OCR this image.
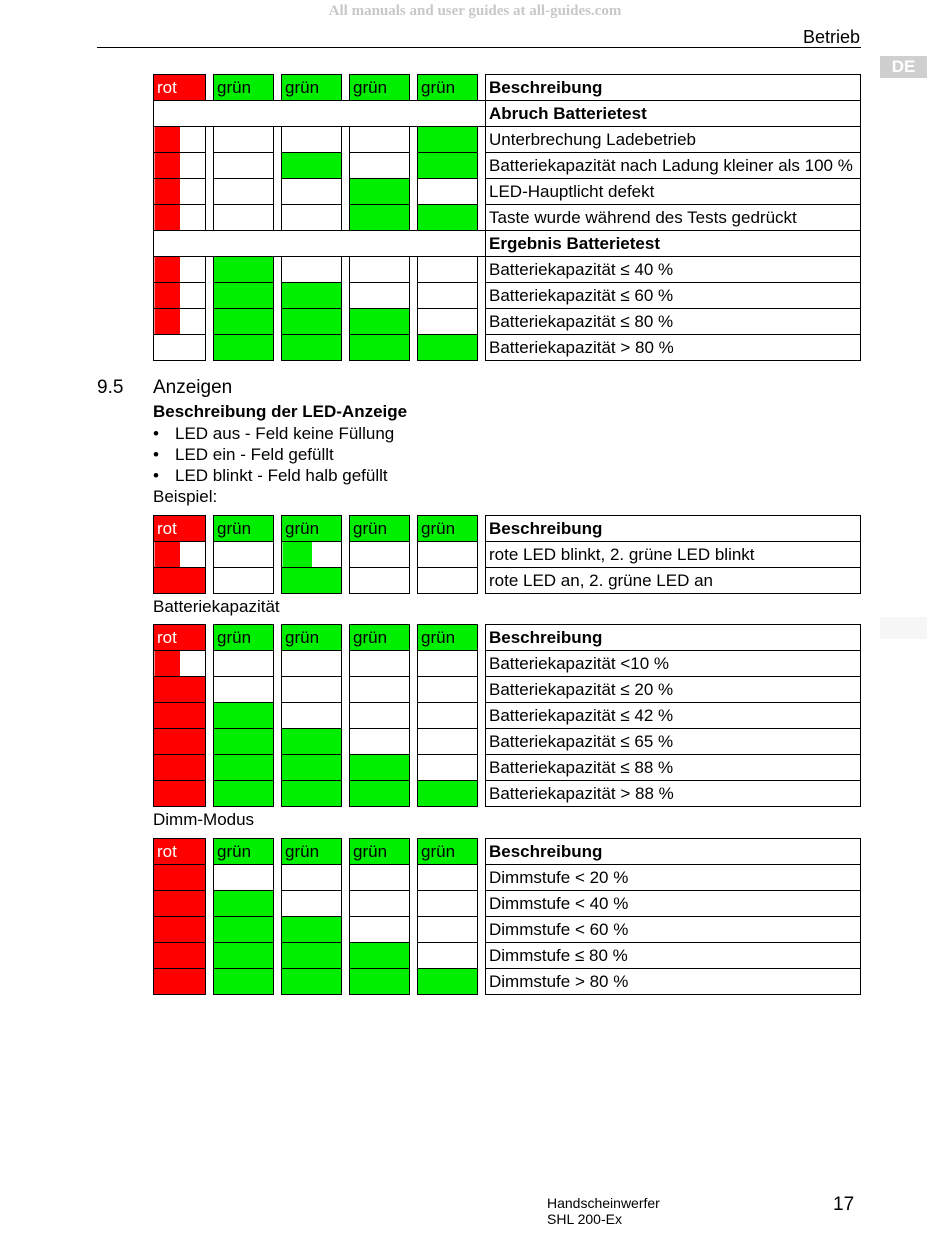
All manuals and user guides at all-guides.com
Betrieb
DE
rot		grün		grün		grün		grün		Beschreibung
										Abruch Batterietest
										Unterbrechung Ladebetrieb
										Batteriekapazität nach Ladung kleiner als 100 %
										LED-Hauptlicht defekt
										Taste wurde während des Tests gedrückt
										Ergebnis Batterietest
										Batteriekapazität ≤ 40 %
										Batteriekapazität ≤ 60 %
										Batteriekapazität ≤ 80 %
										Batteriekapazität > 80 %
9.5 Anzeigen
Beschreibung der LED-Anzeige
• LED aus - Feld keine Füllung
• LED ein - Feld gefüllt
• LED blinkt - Feld halb gefüllt
Beispiel:
rot		grün		grün		grün		grün		Beschreibung
										rote LED blinkt, 2. grüne LED blinkt
										rote LED an, 2. grüne LED an
Batteriekapazität
rot		grün		grün		grün		grün		Beschreibung
										Batteriekapazität <10 %
										Batteriekapazität ≤ 20 %
										Batteriekapazität ≤ 42 %
										Batteriekapazität ≤ 65 %
										Batteriekapazität ≤ 88 %
										Batteriekapazität > 88 %
Dimm-Modus
rot		grün		grün		grün		grün		Beschreibung
										Dimmstufe < 20 %
										Dimmstufe < 40 %
										Dimmstufe < 60 %
										Dimmstufe ≤ 80 %
										Dimmstufe > 80 %
Handscheinwerfer
SHL 200-Ex
17
